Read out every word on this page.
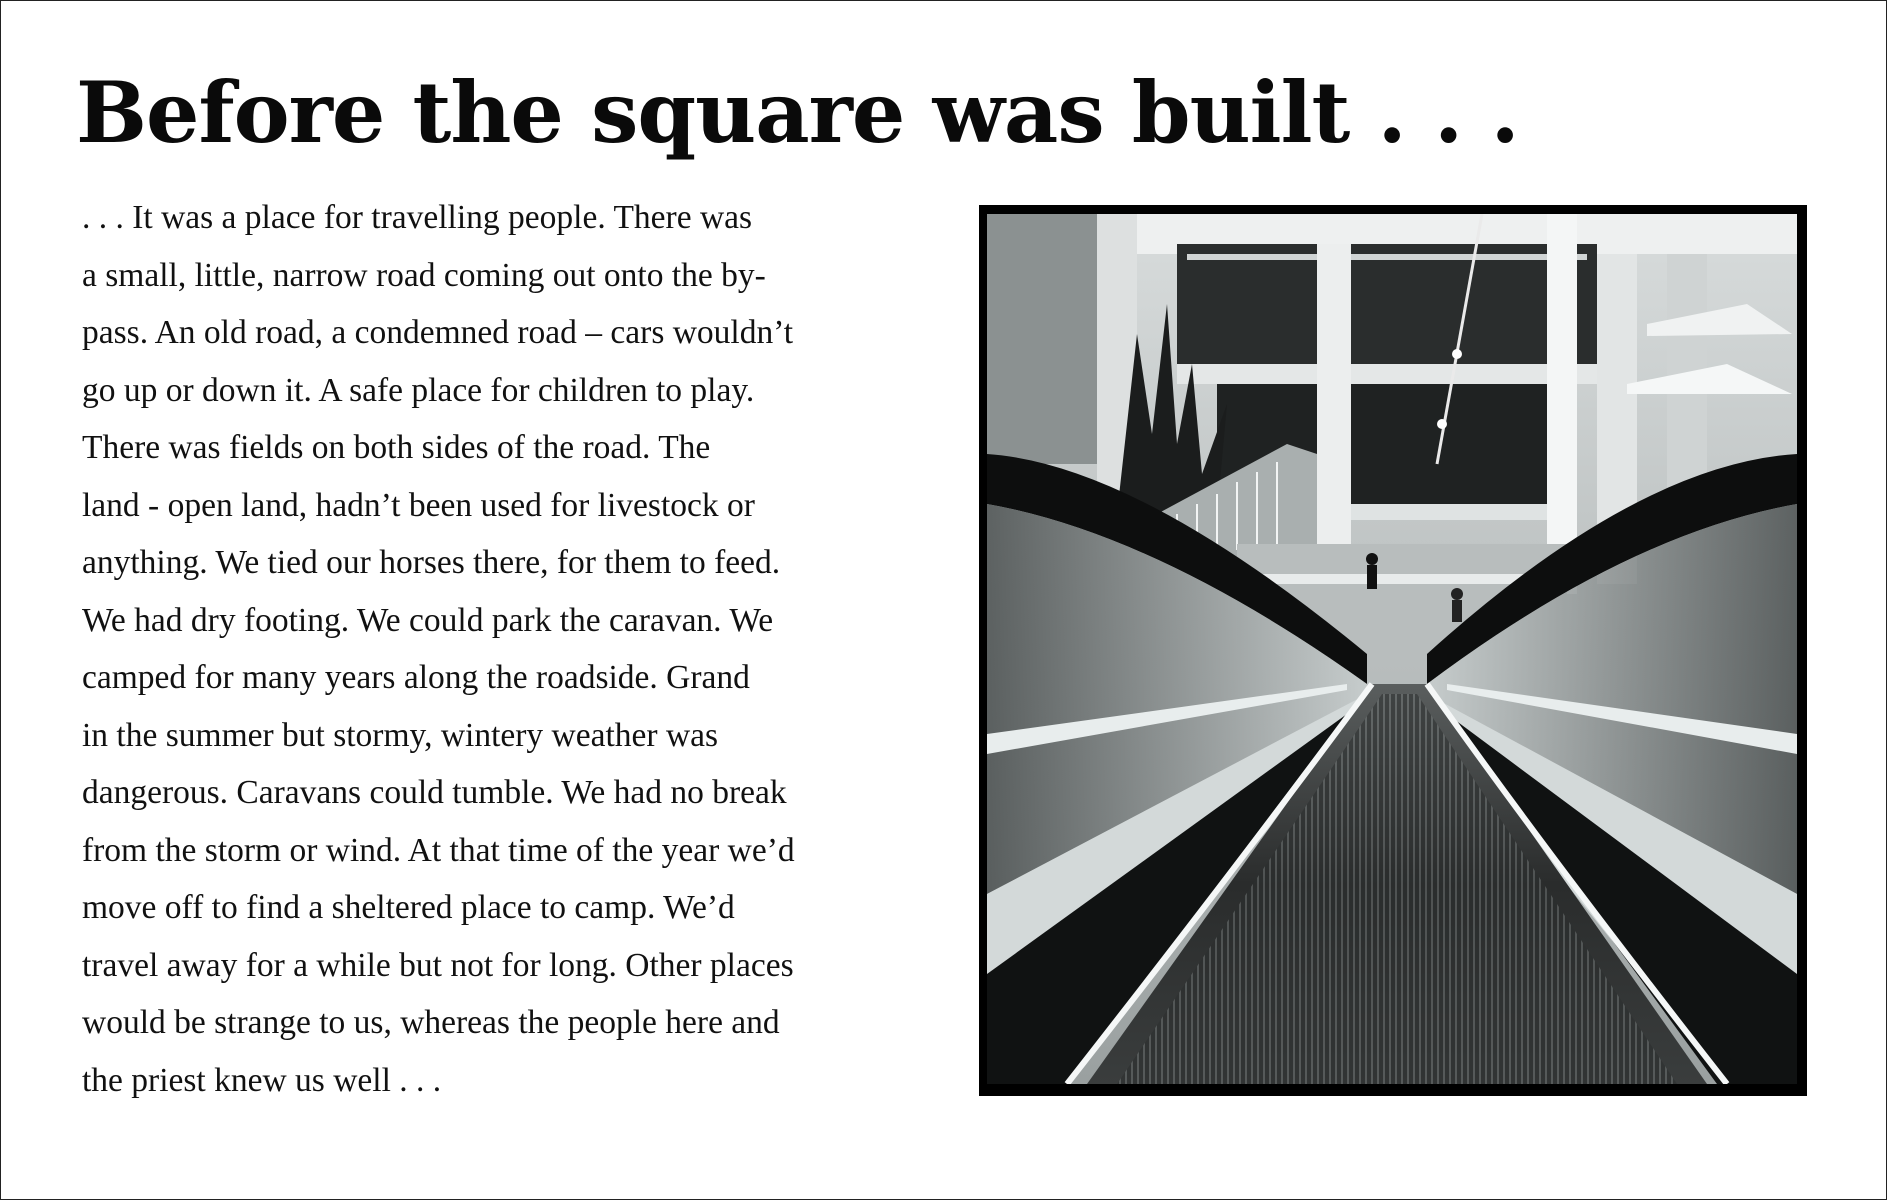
Before the square was built . . .
. . . It was a place for travelling people. There was
a small, little, narrow road coming out onto the by-
pass. An old road, a condemned road – cars wouldn’t
go up or down it. A safe place for children to play.
There was fields on both sides of the road. The
land - open land, hadn’t been used for livestock or
anything. We tied our horses there, for them to feed.
We had dry footing. We could park the caravan. We
camped for many years along the roadside. Grand
in the summer but stormy, wintery weather was
dangerous. Caravans could tumble. We had no break
from the storm or wind. At that time of the year we’d
move off to find a sheltered place to camp. We’d
travel away for a while but not for long. Other places
would be strange to us, whereas the people here and
the priest knew us well . . .
